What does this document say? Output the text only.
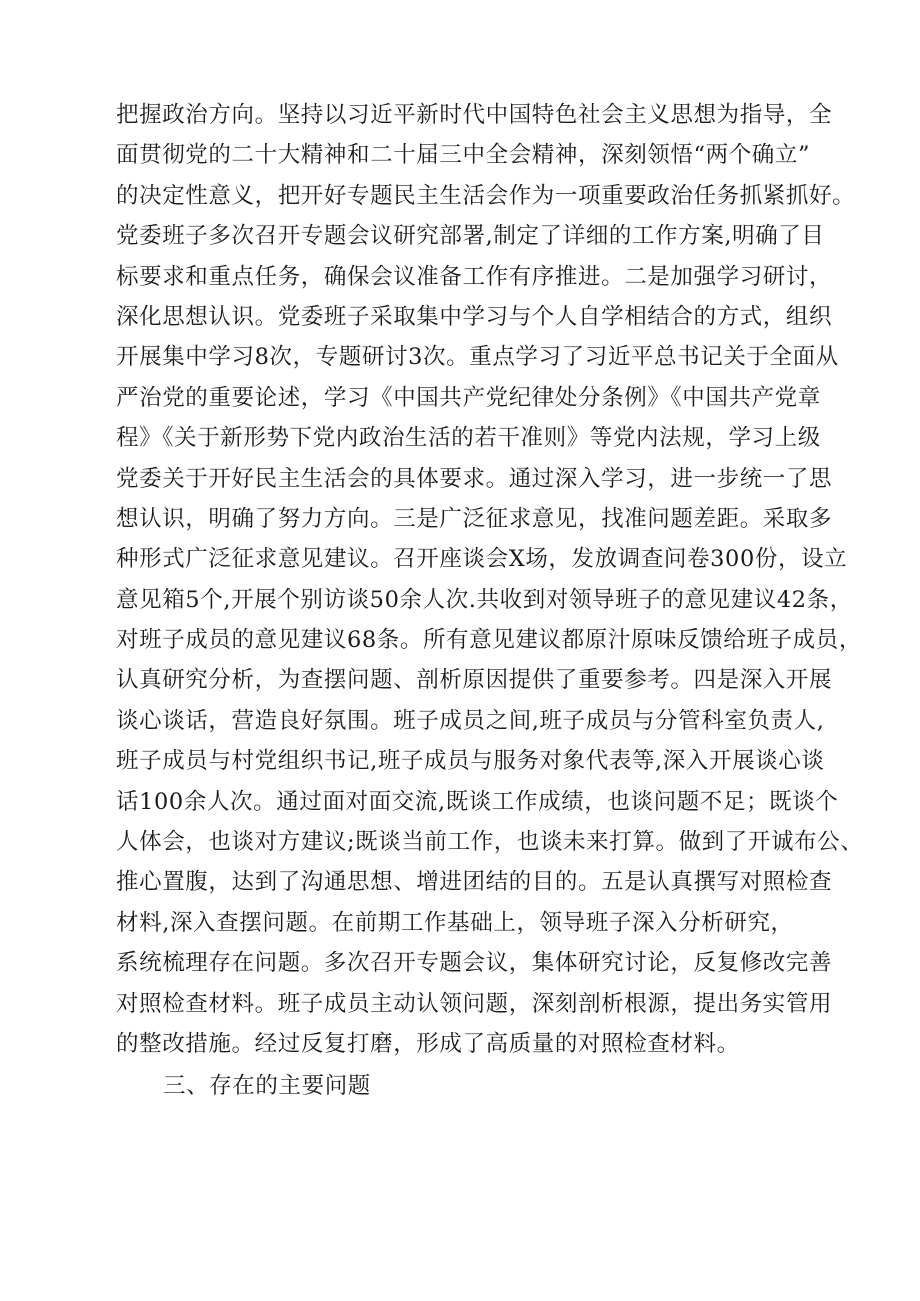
把握政治方向。坚持以习近平新时代中国特色社会主义思想为指导，全
面贯彻党的二十大精神和二十届三中全会精神，深刻领悟“两个确立”
的决定性意义，把开好专题民主生活会作为一项重要政治任务抓紧抓好。
党委班子多次召开专题会议研究部署,制定了详细的工作方案,明确了目
标要求和重点任务，确保会议准备工作有序推进。二是加强学习研讨，
深化思想认识。党委班子采取集中学习与个人自学相结合的方式，组织
开展集中学习8次，专题研讨3次。重点学习了习近平总书记关于全面从
严治党的重要论述，学习《中国共产党纪律处分条例》《中国共产党章
程》《关于新形势下党内政治生活的若干准则》等党内法规，学习上级
党委关于开好民主生活会的具体要求。通过深入学习，进一步统一了思
想认识，明确了努力方向。三是广泛征求意见，找准问题差距。采取多
种形式广泛征求意见建议。召开座谈会X场，发放调查问卷300份，设立
意见箱5个,开展个别访谈50余人次.共收到对领导班子的意见建议42条，
对班子成员的意见建议68条。所有意见建议都原汁原味反馈给班子成员，
认真研究分析，为查摆问题、剖析原因提供了重要参考。四是深入开展
谈心谈话，营造良好氛围。班子成员之间,班子成员与分管科室负责人,
班子成员与村党组织书记,班子成员与服务对象代表等,深入开展谈心谈
话100余人次。通过面对面交流,既谈工作成绩，也谈问题不足；既谈个
人体会，也谈对方建议;既谈当前工作，也谈未来打算。做到了开诚布公、
推心置腹，达到了沟通思想、增进团结的目的。五是认真撰写对照检查
材料,深入查摆问题。在前期工作基础上，领导班子深入分析研究，
系统梳理存在问题。多次召开专题会议，集体研究讨论，反复修改完善
对照检查材料。班子成员主动认领问题，深刻剖析根源，提出务实管用
的整改措施。经过反复打磨，形成了高质量的对照检查材料。
三、存在的主要问题
